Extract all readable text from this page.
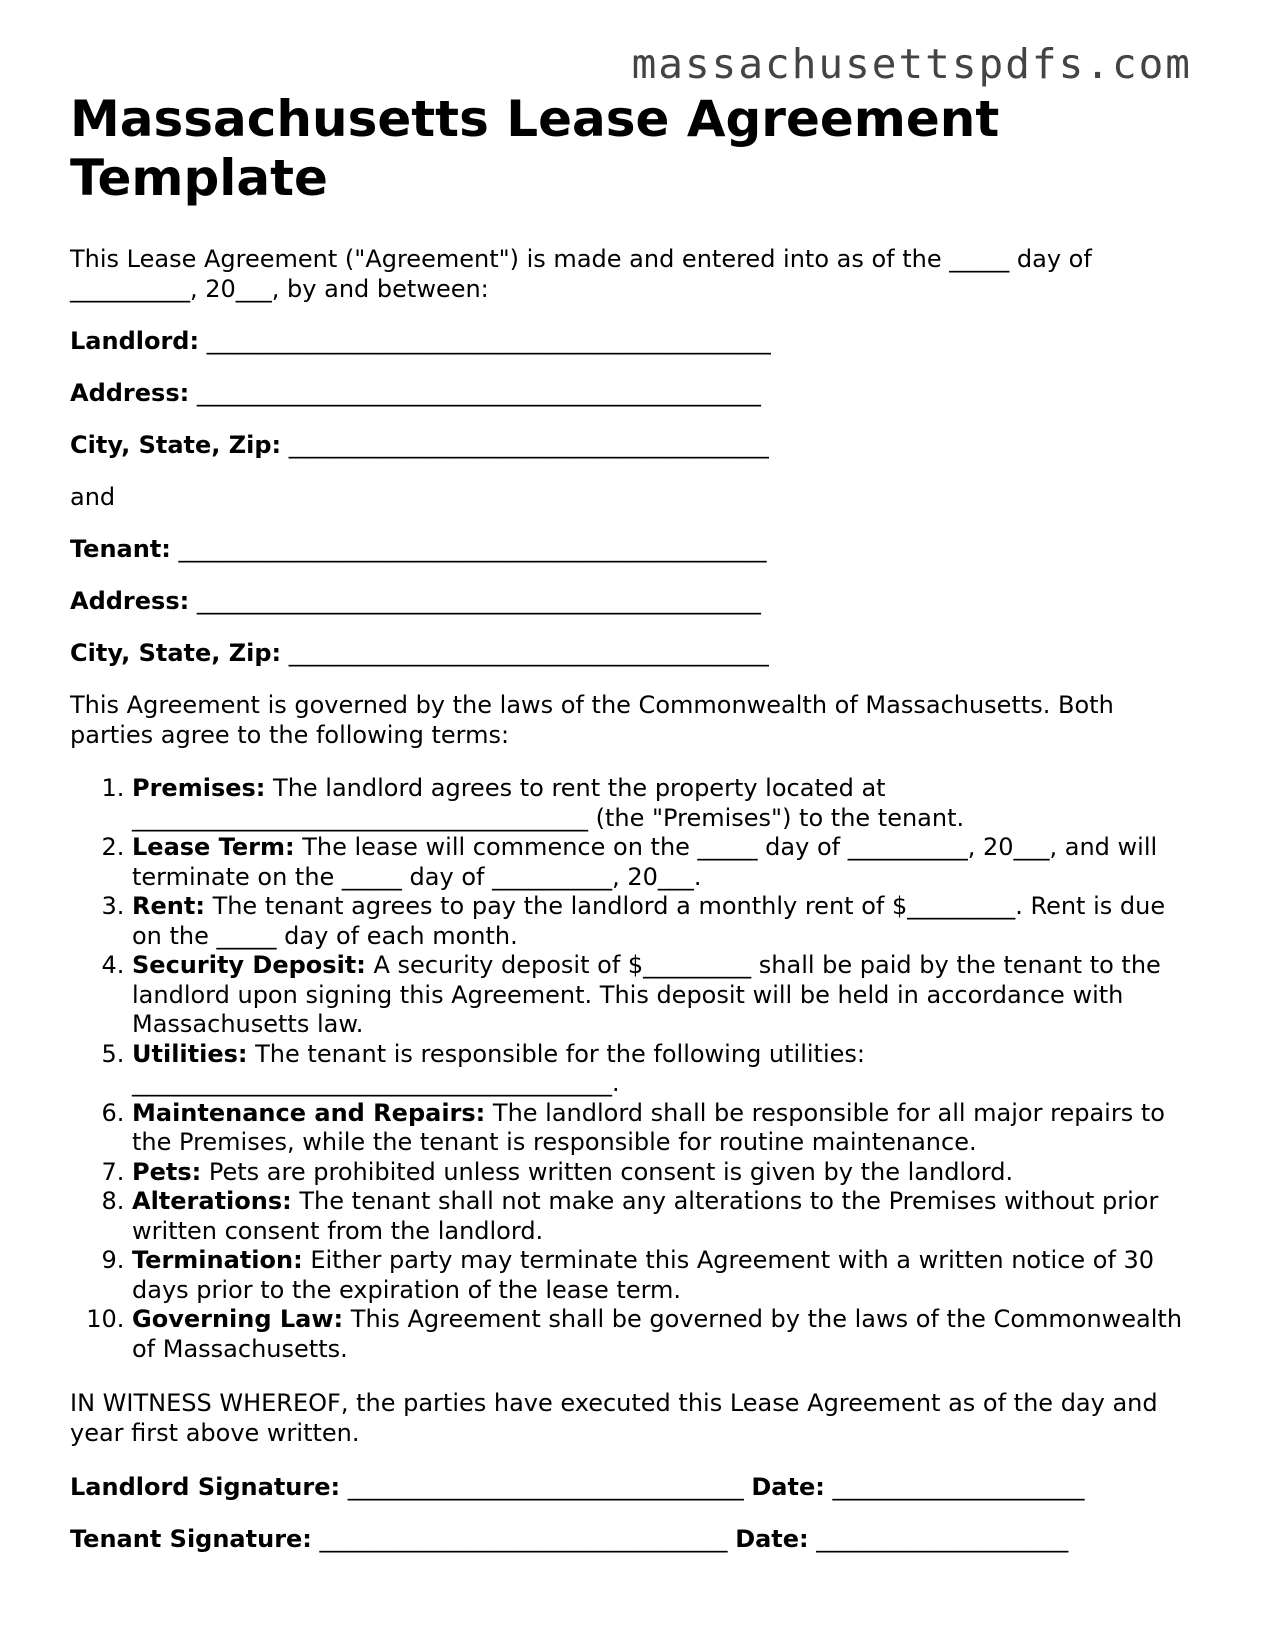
massachusettspdfs.com
Massachusetts Lease Agreement Template

This Lease Agreement ("Agreement") is made and entered into as of the _____ day of __________, 20___, by and between:

Landlord: _______________________________________________
Address: _______________________________________________
City, State, Zip: ________________________________________
and
Tenant: _________________________________________________
Address: _______________________________________________
City, State, Zip: ________________________________________

This Agreement is governed by the laws of the Commonwealth of Massachusetts. Both parties agree to the following terms:

1. Premises: The landlord agrees to rent the property located at ______________________________________ (the "Premises") to the tenant.
2. Lease Term: The lease will commence on the _____ day of __________, 20___, and will terminate on the _____ day of __________, 20___.
3. Rent: The tenant agrees to pay the landlord a monthly rent of $_________. Rent is due on the _____ day of each month.
4. Security Deposit: A security deposit of $_________ shall be paid by the tenant to the landlord upon signing this Agreement. This deposit will be held in accordance with Massachusetts law.
5. Utilities: The tenant is responsible for the following utilities: ________________________________________.
6. Maintenance and Repairs: The landlord shall be responsible for all major repairs to the Premises, while the tenant is responsible for routine maintenance.
7. Pets: Pets are prohibited unless written consent is given by the landlord.
8. Alterations: The tenant shall not make any alterations to the Premises without prior written consent from the landlord.
9. Termination: Either party may terminate this Agreement with a written notice of 30 days prior to the expiration of the lease term.
10. Governing Law: This Agreement shall be governed by the laws of the Commonwealth of Massachusetts.

IN WITNESS WHEREOF, the parties have executed this Lease Agreement as of the day and year first above written.

Landlord Signature: _________________________________ Date: _____________________
Tenant Signature: __________________________________ Date: _____________________
